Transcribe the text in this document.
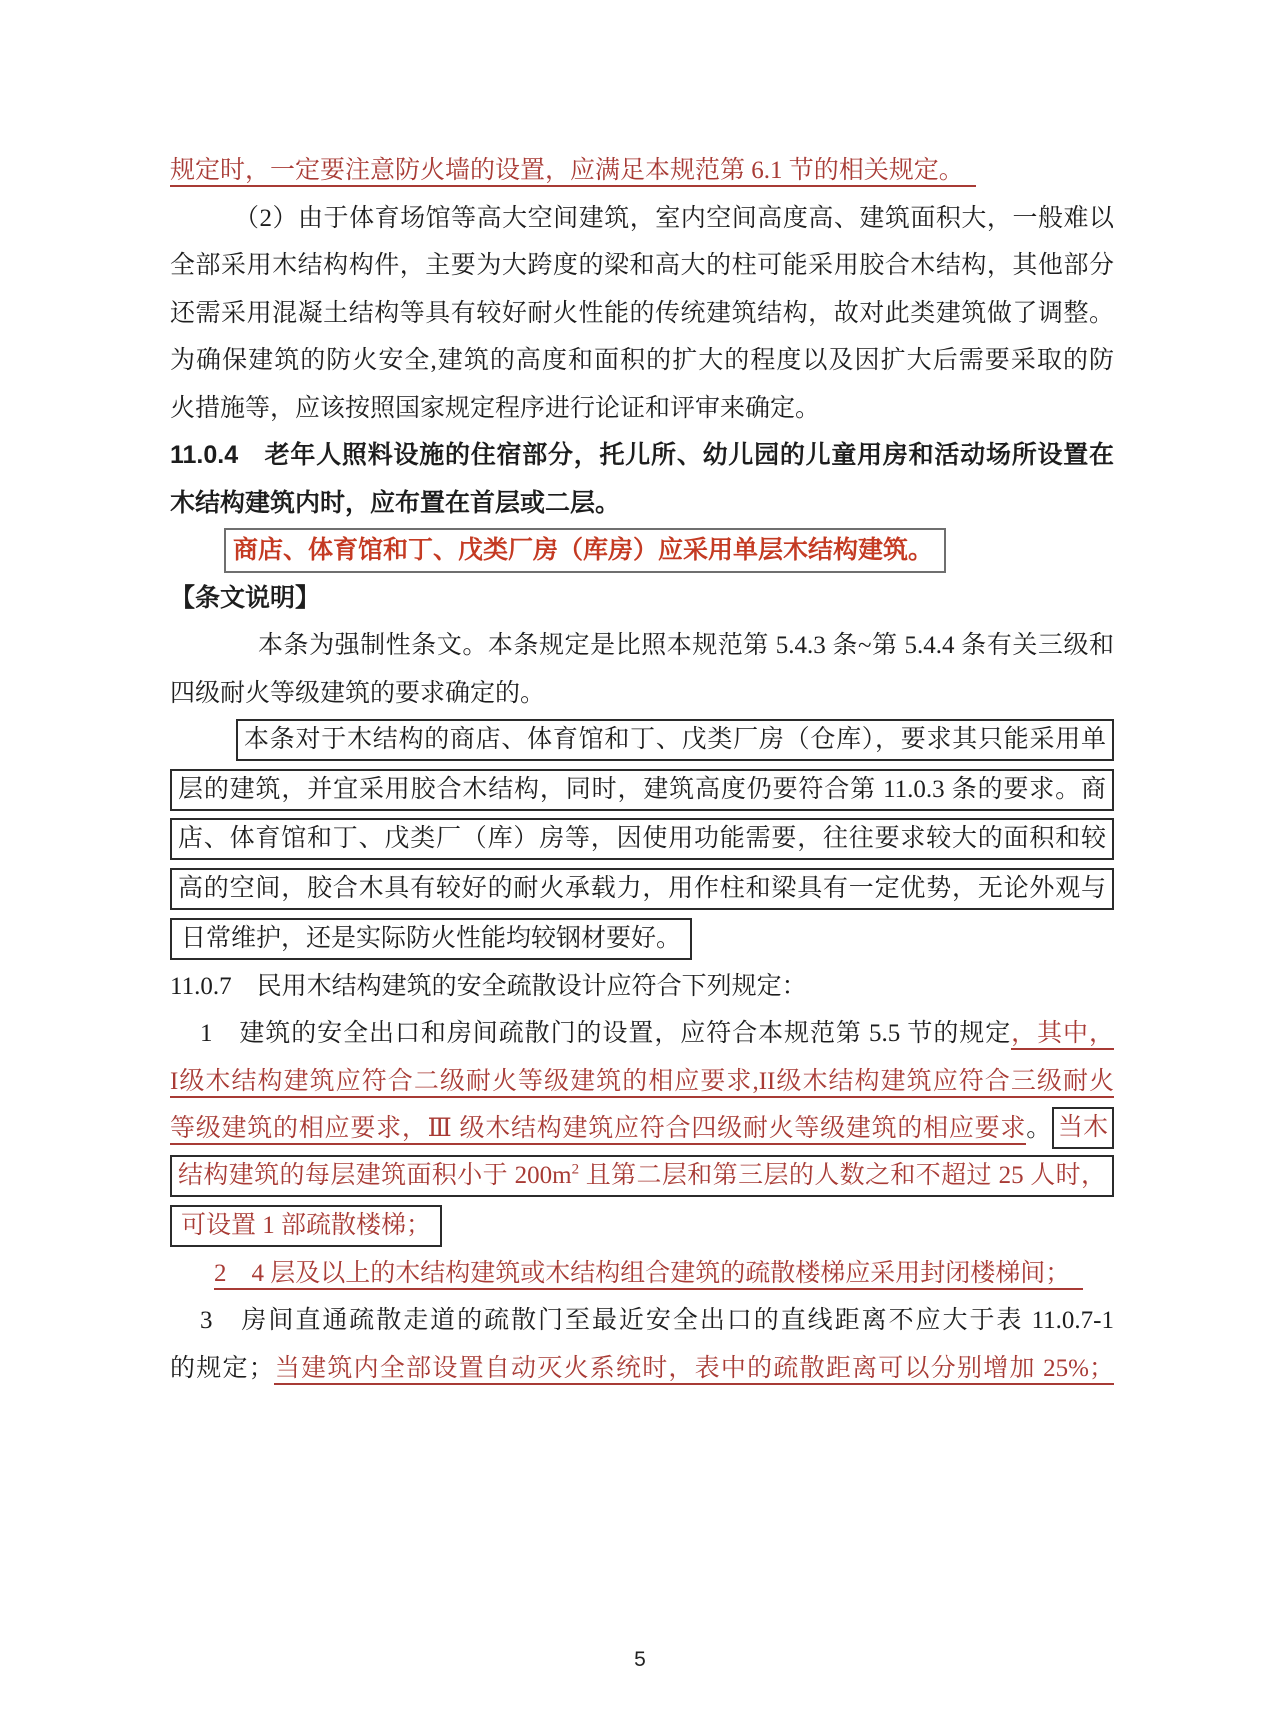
规定时，一定要注意防火墙的设置，应满足本规范第 6.1 节的相关规定。　
（2）由于体育场馆等高大空间建筑，室内空间高度高、建筑面积大，一般难以
全部采用木结构构件，主要为大跨度的梁和高大的柱可能采用胶合木结构，其他部分
还需采用混凝土结构等具有较好耐火性能的传统建筑结构，故对此类建筑做了调整。
为确保建筑的防火安全,建筑的高度和面积的扩大的程度以及因扩大后需要采取的防
火措施等，应该按照国家规定程序进行论证和评审来确定。
11.0.4　老年人照料设施的住宿部分，托儿所、幼儿园的儿童用房和活动场所设置在
木结构建筑内时，应布置在首层或二层。
商店、体育馆和丁、戊类厂房（库房）应采用单层木结构建筑。
【条文说明】
本条为强制性条文。本条规定是比照本规范第 5.4.3 条~第 5.4.4 条有关三级和
四级耐火等级建筑的要求确定的。
本条对于木结构的商店、体育馆和丁、戊类厂房（仓库），要求其只能采用单
层的建筑，并宜采用胶合木结构，同时，建筑高度仍要符合第 11.0.3 条的要求。商
店、体育馆和丁、戊类厂（库）房等，因使用功能需要，往往要求较大的面积和较
高的空间，胶合木具有较好的耐火承载力，用作柱和梁具有一定优势，无论外观与
日常维护，还是实际防火性能均较钢材要好。
11.0.7　民用木结构建筑的安全疏散设计应符合下列规定：
1　建筑的安全出口和房间疏散门的设置，应符合本规范第 5.5 节的规定，其中，
I级木结构建筑应符合二级耐火等级建筑的相应要求,II级木结构建筑应符合三级耐火
等级建筑的相应要求，Ⅲ 级木结构建筑应符合四级耐火等级建筑的相应要求。 当木
结构建筑的每层建筑面积小于 $200m^2$ 且第二层和第三层的人数之和不超过 25 人时，
可设置 1 部疏散楼梯；
2　4 层及以上的木结构建筑或木结构组合建筑的疏散楼梯应采用封闭楼梯间；　
3　房间直通疏散走道的疏散门至最近安全出口的直线距离不应大于表 11.0.7-1
的规定；当建筑内全部设置自动灭火系统时，表中的疏散距离可以分别增加 25%；
5
